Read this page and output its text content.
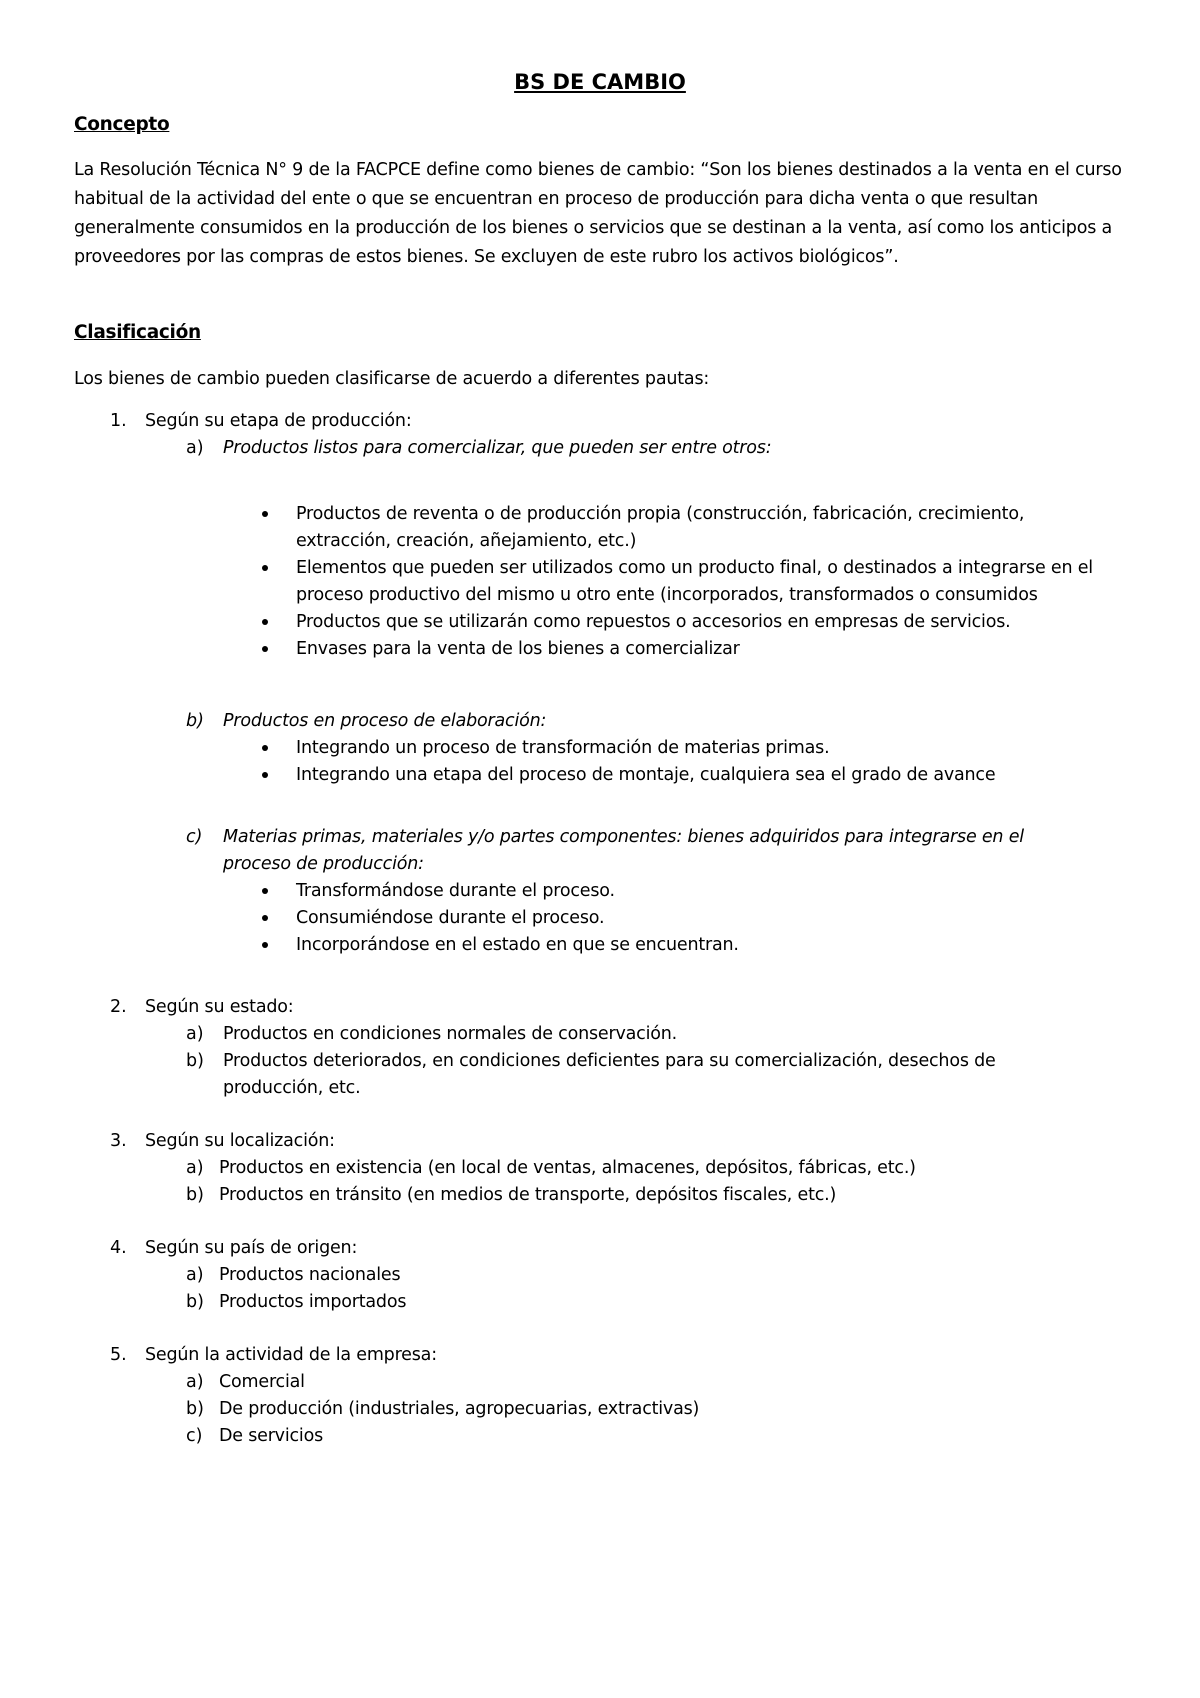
BS DE CAMBIO
Concepto

La Resolución Técnica N° 9 de la FACPCE define como bienes de cambio: “Son los bienes destinados a la venta en el curso habitual de la actividad del ente o que se encuentran en proceso de producción para dicha venta o que resultan generalmente consumidos en la producción de los bienes o servicios que se destinan a la venta, así como los anticipos a proveedores por las compras de estos bienes. Se excluyen de este rubro los activos biológicos”.

Clasificación
Los bienes de cambio pueden clasificarse de acuerdo a diferentes pautas:
1. Según su etapa de producción:
a) Productos listos para comercializar, que pueden ser entre otros:
Productos de reventa o de producción propia (construcción, fabricación, crecimiento,
extracción, creación, añejamiento, etc.)
Elementos que pueden ser utilizados como un producto final, o destinados a integrarse en el
proceso productivo del mismo u otro ente (incorporados, transformados o consumidos
Productos que se utilizarán como repuestos o accesorios en empresas de servicios.
Envases para la venta de los bienes a comercializar
b) Productos en proceso de elaboración:
Integrando un proceso de transformación de materias primas.
Integrando una etapa del proceso de montaje, cualquiera sea el grado de avance
c) Materias primas, materiales y/o partes componentes: bienes adquiridos para integrarse en el
proceso de producción:
Transformándose durante el proceso.
Consumiéndose durante el proceso.
Incorporándose en el estado en que se encuentran.
2. Según su estado:
a) Productos en condiciones normales de conservación.
b) Productos deteriorados, en condiciones deficientes para su comercialización, desechos de
producción, etc.
3. Según su localización:
a) Productos en existencia (en local de ventas, almacenes, depósitos, fábricas, etc.)
b) Productos en tránsito (en medios de transporte, depósitos fiscales, etc.)
4. Según su país de origen:
a) Productos nacionales
b) Productos importados
5. Según la actividad de la empresa:
a) Comercial
b) De producción (industriales, agropecuarias, extractivas)
c) De servicios
